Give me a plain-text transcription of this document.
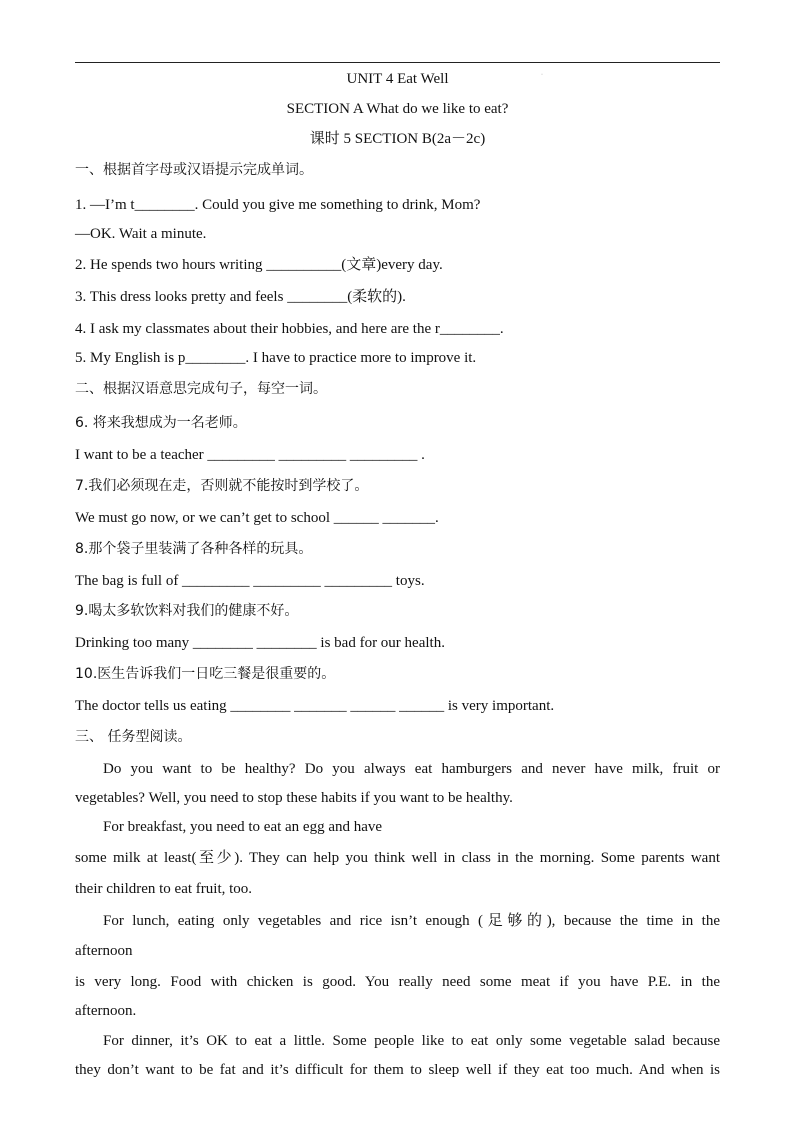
·
UNIT 4 Eat Well
SECTION A What do we like to eat?
课时 5 SECTION B(2a－2c)
一、根据首字母或汉语提示完成单词。
1. —I’m t________. Could you give me something to drink, Mom?
—OK. Wait a minute.
2. He spends two hours writing __________(文章)every day.
3. This dress looks pretty and feels ________(柔软的).
4. I ask my classmates about their hobbies, and here are the r________.
5. My English is p________. I have to practice more to improve it.
二、根据汉语意思完成句子，每空一词。
6. 将来我想成为一名老师。
I want to be a teacher _________ _________ _________ .
7.我们必须现在走，否则就不能按时到学校了。
We must go now, or we can’t get to school ______ _______.
8.那个袋子里装满了各种各样的玩具。
The bag is full of _________ _________ _________ toys.
9.喝太多软饮料对我们的健康不好。
Drinking too many ________ ________ is bad for our health.
10.医生告诉我们一日吃三餐是很重要的。
The doctor tells us eating ________ _______ ______ ______ is very important.
三、 任务型阅读。
Do you want to be healthy? Do you always eat hamburgers and never have milk, fruit or
vegetables? Well, you need to stop these habits if you want to be healthy.
For breakfast, you need to eat an egg and have
some milk at least(至少). They can help you think well in class in the morning. Some parents want
their children to eat fruit, too.
For lunch, eating only vegetables and rice isn’t enough (足够的), because the time in the
afternoon
is very long. Food with chicken is good. You really need some meat if you have P.E. in the
afternoon.
For dinner, it’s OK to eat a little. Some people like to eat only some vegetable salad because
they don’t want to be fat and it’s difficult for them to sleep well if they eat too much. And when is
